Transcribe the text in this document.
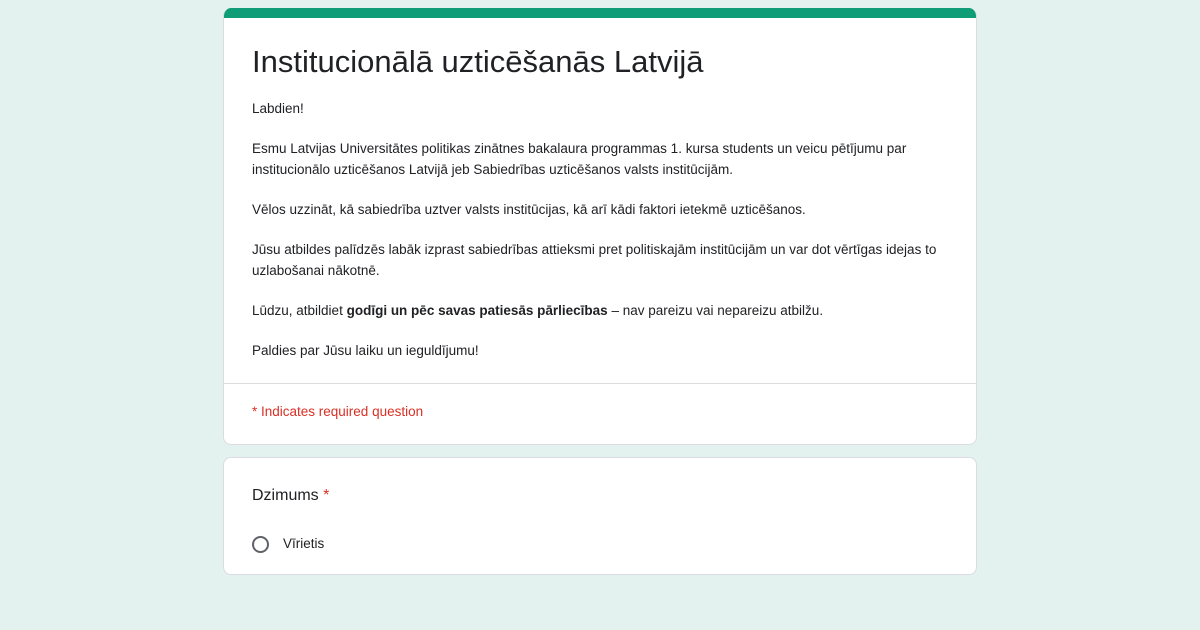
Institucionālā uzticēšanās Latvijā

Labdien!

Esmu Latvijas Universitātes politikas zinātnes bakalaura programmas 1. kursa students un veicu pētījumu par institucionālo uzticēšanos Latvijā jeb Sabiedrības uzticēšanos valsts institūcijām.

Vēlos uzzināt, kā sabiedrība uztver valsts institūcijas, kā arī kādi faktori ietekmē uzticēšanos.

Jūsu atbildes palīdzēs labāk izprast sabiedrības attieksmi pret politiskajām institūcijām un var dot vērtīgas idejas to uzlabošanai nākotnē.

Lūdzu, atbildiet godīgi un pēc savas patiesās pārliecības – nav pareizu vai nepareizu atbilžu.

Paldies par Jūsu laiku un ieguldījumu!

* Indicates required question
Dzimums *
Vīrietis
